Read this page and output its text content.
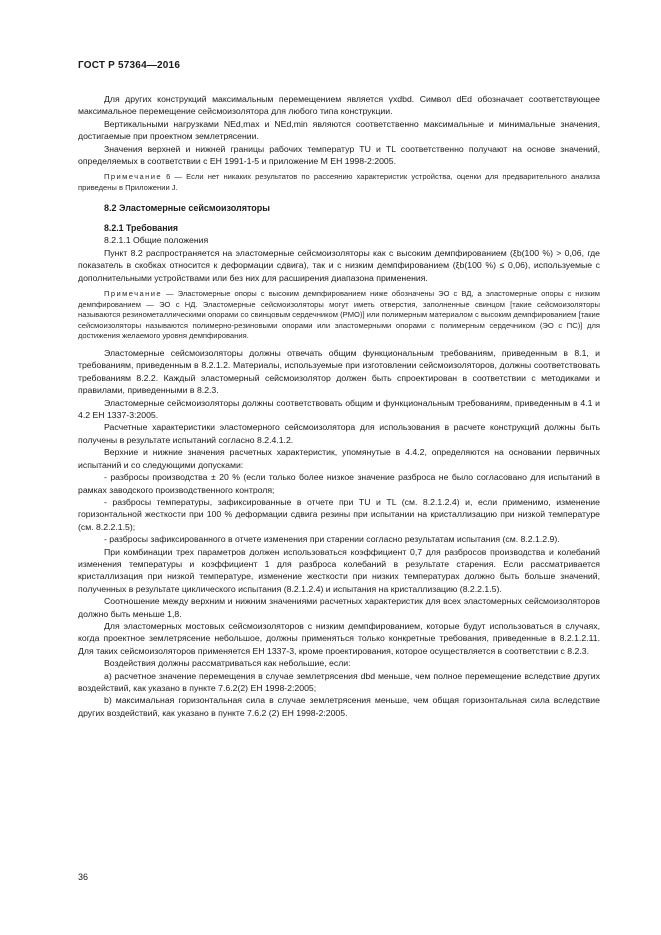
ГОСТ Р 57364—2016

Для других конструкций максимальным перемещением является γxdbd. Символ dEd обозначает соответствующее максимальное перемещение сейсмоизолятора для любого типа конструкции.

Вертикальными нагрузками NEd,max и NEd,min являются соответственно максимальные и минимальные значения, достигаемые при проектном землетрясении.

Значения верхней и нижней границы рабочих температур TU и TL соответственно получают на основе значений, определяемых в соответствии с ЕН 1991-1-5 и приложение М ЕН 1998-2:2005.

Примечание 6 — Если нет никаких результатов по рассеянию характеристик устройства, оценки для предварительного анализа приведены в Приложении J.

8.2 Эластомерные сейсмоизоляторы

8.2.1 Требования

8.2.1.1 Общие положения

Пункт 8.2 распространяется на эластомерные сейсмоизоляторы как с высоким демпфированием (ξb(100 %) > 0,06, где показатель в скобках относится к деформации сдвига), так и с низким демпфированием (ξb(100 %) ≤ 0,06), используемые с дополнительными устройствами или без них для расширения диапазона применения.

Примечание — Эластомерные опоры с высоким демпфированием ниже обозначены ЭО с ВД, а эластомерные опоры с низким демпфированием — ЭО с НД. Эластомерные сейсмоизоляторы могут иметь отверстия, заполненные свинцом [такие сейсмоизоляторы называются резинометаллическими опорами со свинцовым сердечником (PMO)] или полимерным материалом с высоким демпфированием [такие сейсмоизоляторы называются полимерно-резиновыми опорами или эластомерными опорами с полимерным сердечником (ЭО с ПС)] для достижения желаемого уровня демпфирования.

Эластомерные сейсмоизоляторы должны отвечать общим функциональным требованиям, приведенным в 8.1, и требованиям, приведенным в 8.2.1.2. Материалы, используемые при изготовлении сейсмоизоляторов, должны соответствовать требованиям 8.2.2. Каждый эластомерный сейсмоизолятор должен быть спроектирован в соответствии с методиками и правилами, приведенными в 8.2.3.

Эластомерные сейсмоизоляторы должны соответствовать общим и функциональным требованиям, приведенным в 4.1 и 4.2 ЕН 1337-3:2005.

Расчетные характеристики эластомерного сейсмоизолятора для использования в расчете конструкций должны быть получены в результате испытаний согласно 8.2.4.1.2.

Верхние и нижние значения расчетных характеристик, упомянутые в 4.4.2, определяются на основании первичных испытаний и со следующими допусками:

- разбросы производства ± 20 % (если только более низкое значение разброса не было согласовано для испытаний в рамках заводского производственного контроля;

- разбросы температуры, зафиксированные в отчете при TU и TL (см. 8.2.1.2.4) и, если применимо, изменение горизонтальной жесткости при 100 % деформации сдвига резины при испытании на кристаллизацию при низкой температуре (см. 8.2.2.1.5);

- разбросы зафиксированного в отчете изменения при старении согласно результатам испытания (см. 8.2.1.2.9).

При комбинации трех параметров должен использоваться коэффициент 0,7 для разбросов производства и колебаний изменения температуры и коэффициент 1 для разброса колебаний в результате старения. Если рассматривается кристаллизация при низкой температуре, изменение жесткости при низких температурах должно быть больше значений, полученных в результате циклического испытания (8.2.1.2.4) и испытания на кристаллизацию (8.2.2.1.5).

Соотношение между верхним и нижним значениями расчетных характеристик для всех эластомерных сейсмоизоляторов должно быть меньше 1,8.

Для эластомерных мостовых сейсмоизоляторов с низким демпфированием, которые будут использоваться в случаях, когда проектное землетрясение небольшое, должны применяться только конкретные требования, приведенные в 8.2.1.2.11. Для таких сейсмоизоляторов применяется ЕН 1337-3, кроме проектирования, которое осуществляется в соответствии с 8.2.3.

Воздействия должны рассматриваться как небольшие, если:

а) расчетное значение перемещения в случае землетрясения dbd меньше, чем полное перемещение вследствие других воздействий, как указано в пункте 7.6.2(2) ЕН 1998-2:2005;

b) максимальная горизонтальная сила в случае землетрясения меньше, чем общая горизонтальная сила вследствие других воздействий, как указано в пункте 7.6.2 (2) ЕН 1998-2:2005.

36
